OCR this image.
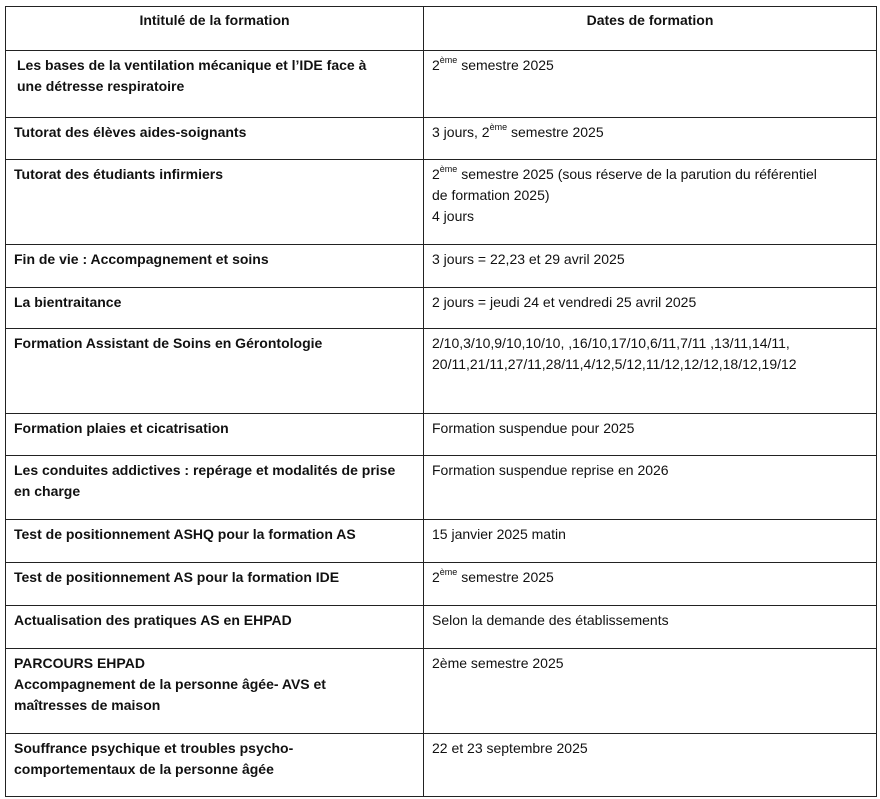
Intitulé de la formation	Dates de formation

Les bases de la ventilation mécanique et l’IDE face à
une détresse respiratoire	2ème semestre 2025

Tutorat des élèves aides-soignants	3 jours, 2ème semestre 2025

Tutorat des étudiants infirmiers	2ème semestre 2025 (sous réserve de la parution du référentiel
de formation 2025)
4 jours

Fin de vie : Accompagnement et soins	3 jours = 22,23 et 29 avril 2025

La bientraitance	2 jours = jeudi 24 et vendredi 25 avril 2025

Formation Assistant de Soins en Gérontologie	2/10,3/10,9/10,10/10, ,16/10,17/10,6/11,7/11 ,13/11,14/11,
20/11,21/11,27/11,28/11,4/12,5/12,11/12,12/12,18/12,19/12

Formation plaies et cicatrisation	Formation suspendue pour 2025

Les conduites addictives : repérage et modalités de prise
en charge	Formation suspendue reprise en 2026

Test de positionnement ASHQ pour la formation AS	15 janvier 2025 matin

Test de positionnement AS pour la formation IDE	2ème semestre 2025

Actualisation des pratiques AS en EHPAD	Selon la demande des établissements

PARCOURS EHPAD
Accompagnement de la personne âgée- AVS et
maîtresses de maison	2ème semestre 2025

Souffrance psychique et troubles psycho-
comportementaux de la personne âgée	22 et 23 septembre 2025
